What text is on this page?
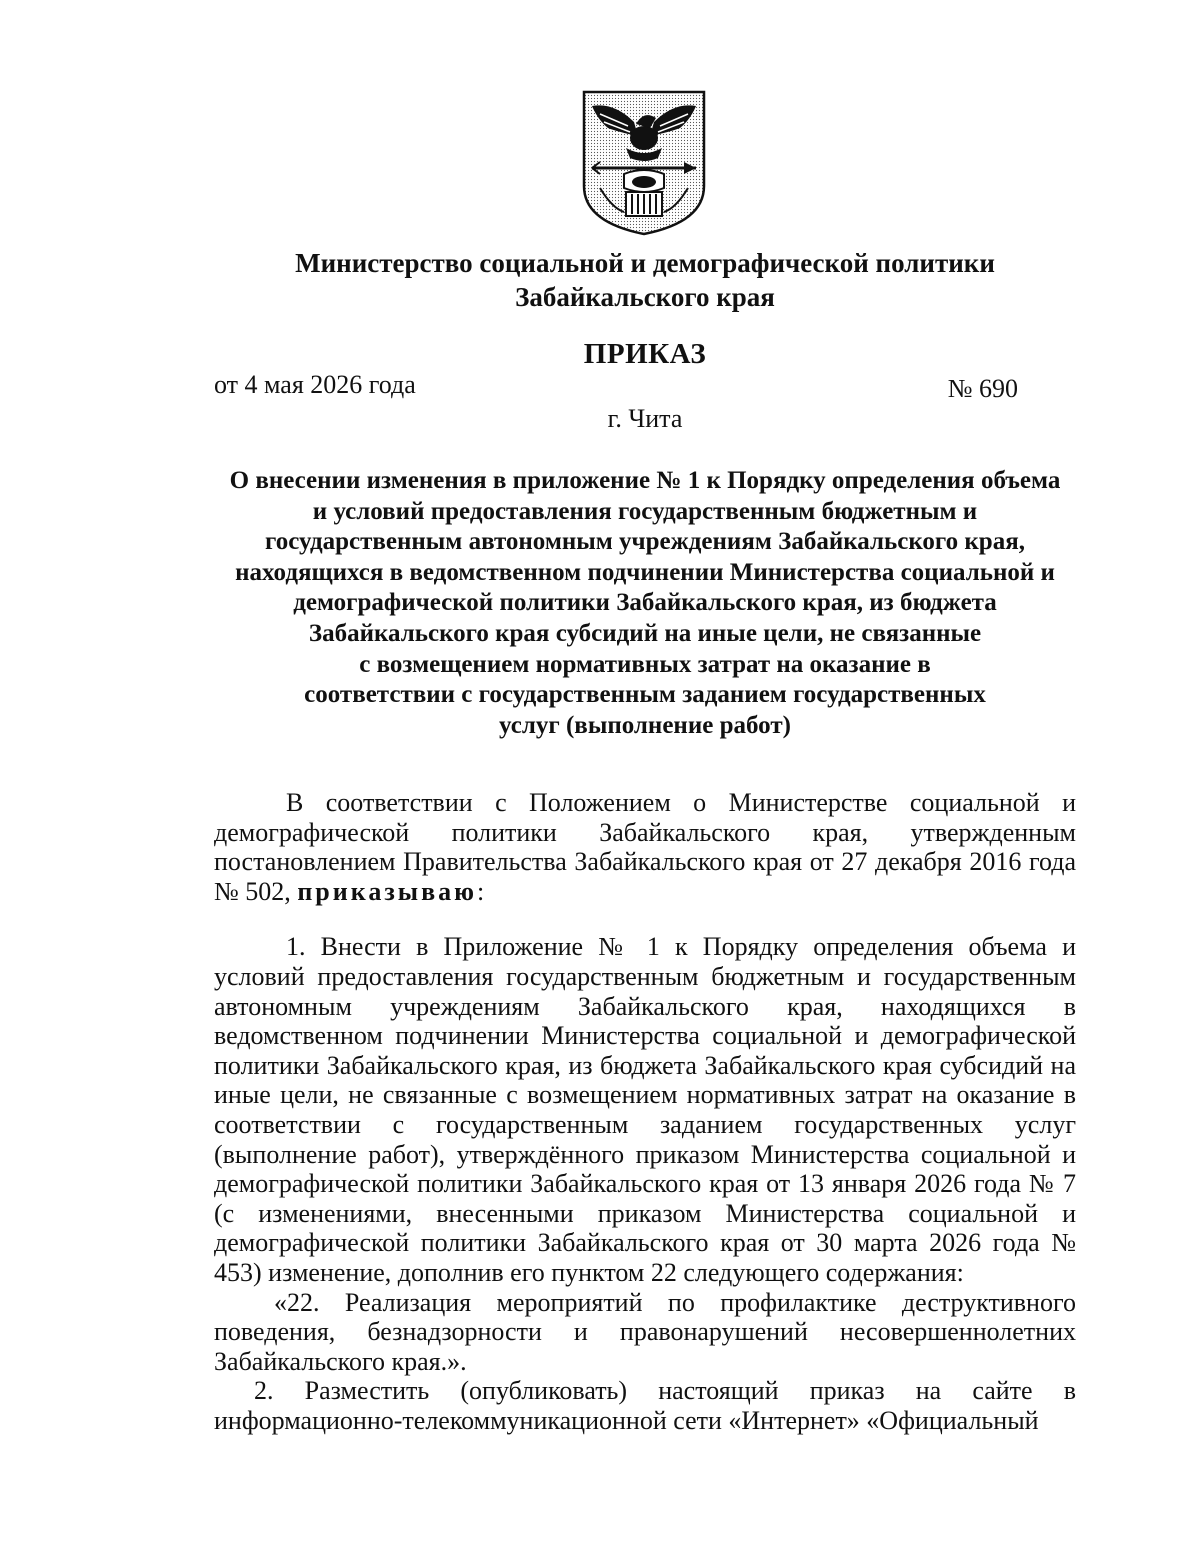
Министерство социальной и демографической политики
Забайкальского края
ПРИКАЗ
от 4 мая 2026 года	№ 690
г. Чита
О внесении изменения в приложение № 1 к Порядку определения объема
и условий предоставления государственным бюджетным и
государственным автономным учреждениям Забайкальского края,
находящихся в ведомственном подчинении Министерства социальной и
демографической политики Забайкальского края, из бюджета
Забайкальского края субсидий на иные цели, не связанные
с возмещением нормативных затрат на оказание в
соответствии с государственным заданием государственных
услуг (выполнение работ)

В соответствии с Положением о Министерстве социальной и демографической политики Забайкальского края, утвержденным постановлением Правительства Забайкальского края от 27 декабря 2016 года № 502, приказываю:

1. Внести в Приложение № 1 к Порядку определения объема и условий предоставления государственным бюджетным и государственным автономным учреждениям Забайкальского края, находящихся в ведомственном подчинении Министерства социальной и демографической политики Забайкальского края, из бюджета Забайкальского края субсидий на иные цели, не связанные с возмещением нормативных затрат на оказание в соответствии с государственным заданием государственных услуг (выполнение работ), утверждённого приказом Министерства социальной и демографической политики Забайкальского края от 13 января 2026 года № 7 (с изменениями, внесенными приказом Министерства социальной и демографической политики Забайкальского края от 30 марта 2026 года № 453) изменение, дополнив его пунктом 22 следующего содержания:

«22. Реализация мероприятий по профилактике деструктивного поведения, безнадзорности и правонарушений несовершеннолетних Забайкальского края.».

2. Разместить (опубликовать) настоящий приказ на сайте в информационно-телекоммуникационной сети «Интернет» «Официальный
